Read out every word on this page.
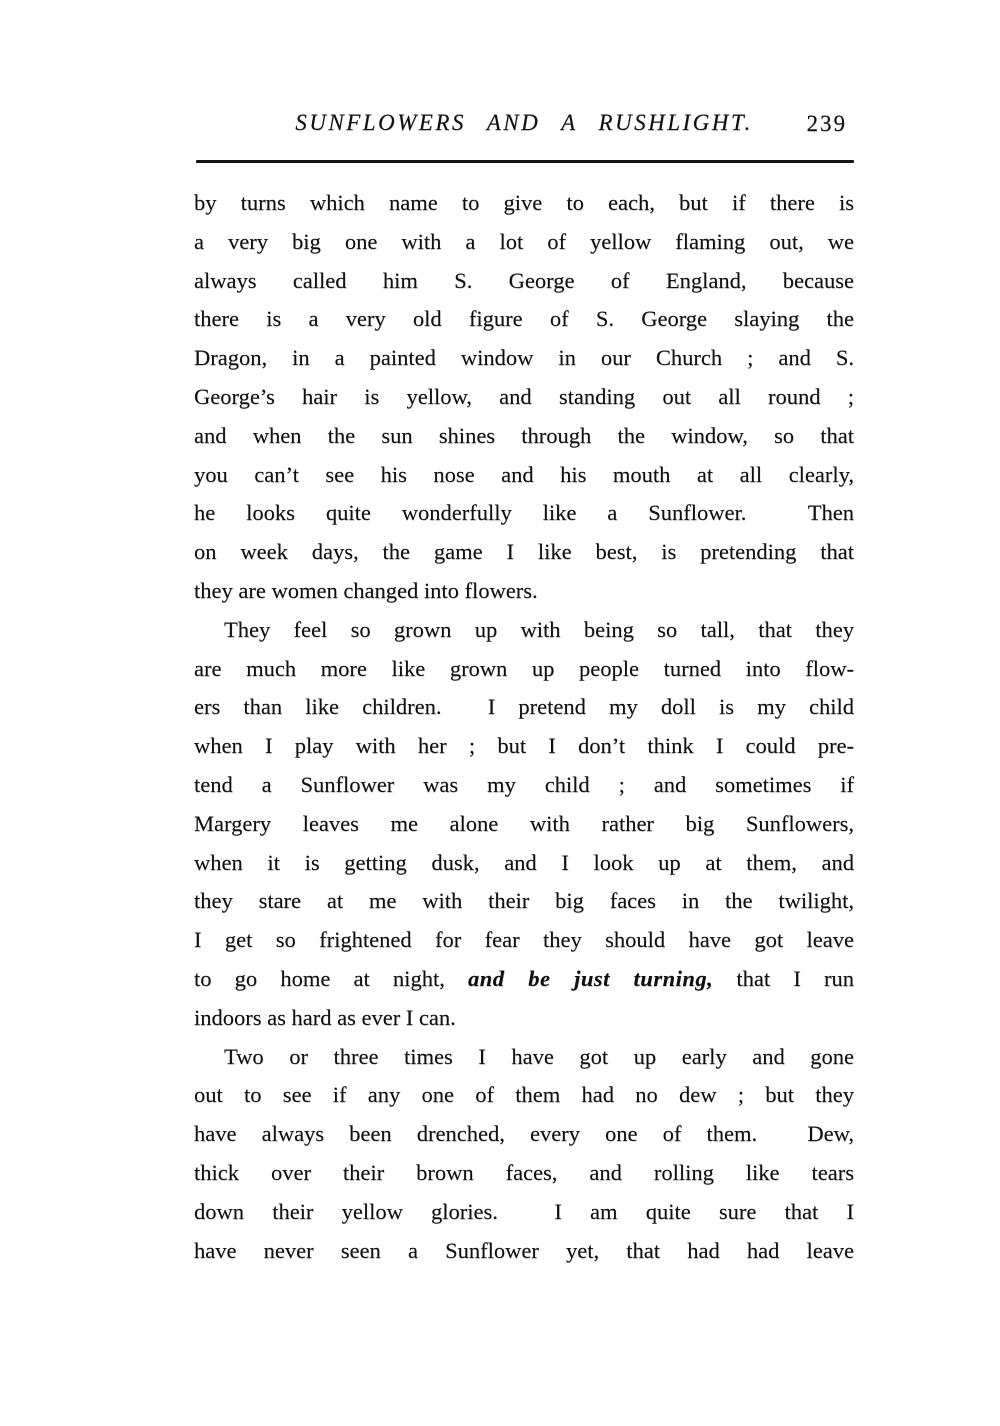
SUNFLOWERS AND A RUSHLIGHT.	239
by turns which name to give to each, but if there is
a very big one with a lot of yellow flaming out, we
always called him S. George of England, because
there is a very old figure of S. George slaying the
Dragon, in a painted window in our Church ; and S.
George’s hair is yellow, and standing out all round ;
and when the sun shines through the window, so that
you can’t see his nose and his mouth at all clearly,
he looks quite wonderfully like a Sunflower.  Then
on week days, the game I like best, is pretending that
they are women changed into flowers.
They feel so grown up with being so tall, that they
are much more like grown up people turned into flow-
ers than like children.  I pretend my doll is my child
when I play with her ; but I don’t think I could pre-
tend a Sunflower was my child ; and sometimes if
Margery leaves me alone with rather big Sunflowers,
when it is getting dusk, and I look up at them, and
they stare at me with their big faces in the twilight,
I get so frightened for fear they should have got leave
to go home at night, and be just turning, that I run
indoors as hard as ever I can.
Two or three times I have got up early and gone
out to see if any one of them had no dew ; but they
have always been drenched, every one of them.  Dew,
thick over their brown faces, and rolling like tears
down their yellow glories.  I am quite sure that I
have never seen a Sunflower yet, that had had leave
